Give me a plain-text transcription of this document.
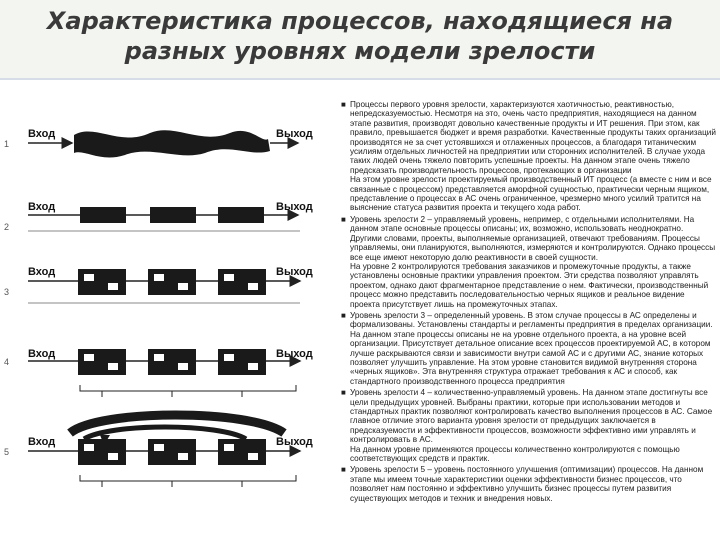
Характеристика процессов, находящиеся на разных уровнях модели зрелости
1
Вход	Выход
2
Вход	Выход
3
Вход	Выход
4
Вход	Выход
5
Вход	Выход
■ Процессы первого уровня зрелости, характеризуются хаотичностью, реактивностью, непредсказуемостью. Несмотря на это, очень часто предприятия, находящиеся на данном этапе развития, производят довольно качественные продукты и ИТ решения. При этом, как правило, превышается бюджет и время разработки. Качественные продукты таких организаций производятся не за счет устоявшихся и отлаженных процессов, а благодаря титаническим усилиям отдельных личностей на предприятии или сторонних исполнителей. В случае ухода таких людей очень тяжело повторить успешные проекты. На данном этапе очень тяжело предсказать производительность процессов, протекающих в организации
На этом уровне зрелости проектируемый производственный ИТ процесс (а вместе с ним и все связанные с процессом) представляется аморфной сущностью, практически черным ящиком, представление о процессах в АС очень ограниченное, чрезмерно много усилий тратится на выяснение статуса развития проекта и текущего хода работ.
■ Уровень зрелости 2 – управляемый уровень, непример, с отдельными исполнителями. На данном этапе основные процессы описаны; их, возможно, использовать неоднократно. Другими словами, проекты, выполняемые организацией, отвечают требованиям. Процессы управляемы, они планируются, выполняются, измеряются и контролируются. Однако процессы все еще имеют некоторую долю реактивности в своей сущности.
На уровне 2 контролируются требования заказчиков и промежуточные продукты, а также установлены основные практики управления проектом. Эти средства позволяют управлять проектом, однако дают фрагментарное представление о нем. Фактически, производственный процесс можно представить последовательностью черных ящиков и реальное видение проекта присутствует лишь на промежуточных этапах.
■ Уровень зрелости 3 – определенный уровень. В этом случае процессы в АС определены и формализованы. Установлены стандарты и регламенты предприятия в пределах организации. На данном этапе процессы описаны не на уровне отдельного проекта, а на уровне всей организации. Присутствует детальное описание всех процессов проектируемой АС, в котором лучше раскрываются связи и зависимости внутри самой АС и с другими АС, знание которых позволяет улучшить управление. На этом уровне становится видимой внутренняя сторона «черных ящиков». Эта внутренняя структура отражает требования к АС и способ, как стандартного производственного процесса предприятия
■ Уровень зрелости 4 – количественно-управляемый уровень. На данном этапе достигнуты все цели предыдущих уровней. Выбраны практики, которые при использовании методов и стандартных практик позволяют контролировать качество выполнения процессов в АС. Самое главное отличие этого варианта уровня зрелости от предыдущих заключается в предсказуемости и эффективности процессов, возможности эффективно ими управлять и контролировать в АС.
На данном уровне применяются процессы количественно контролируются с помощью соответствующих средств и практик.
■ Уровень зрелости 5 – уровень постоянного улучшения (оптимизации) процессов. На данном этапе мы имеем точные характеристики оценки эффективности бизнес процессов, что позволяет нам постоянно и эффективно улучшить бизнес процессы путем развития существующих методов и техник и внедрения новых.
